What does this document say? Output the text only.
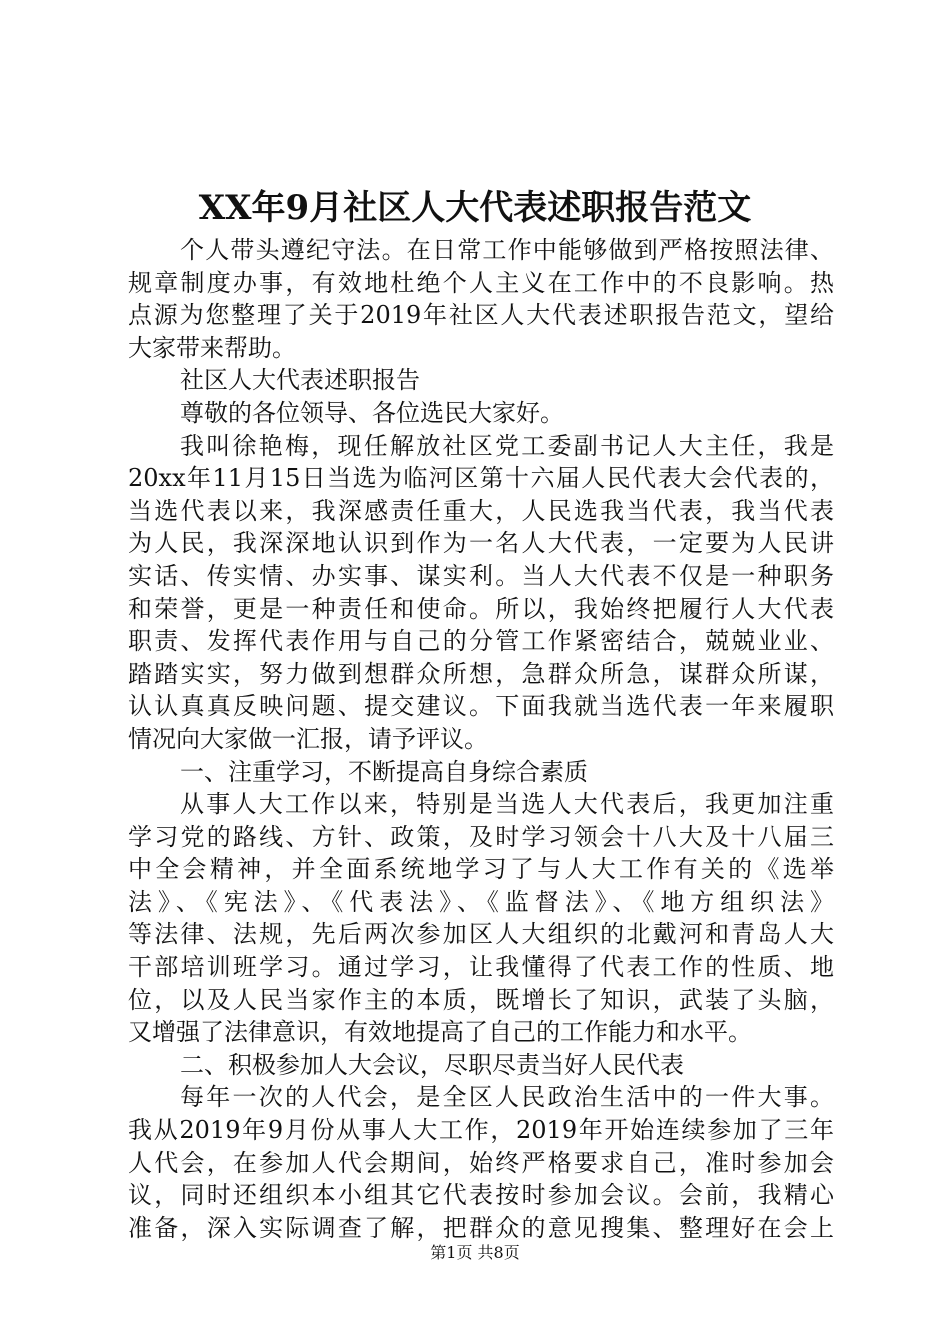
XX年9月社区人大代表述职报告范文
个人带头遵纪守法。在日常工作中能够做到严格按照法律、
规章制度办事，有效地杜绝个人主义在工作中的不良影响。热
点源为您整理了关于2019年社区人大代表述职报告范文，望给
大家带来帮助。
社区人大代表述职报告
尊敬的各位领导、各位选民大家好。
我叫徐艳梅，现任解放社区党工委副书记人大主任，我是
20xx年11月15日当选为临河区第十六届人民代表大会代表的，
当选代表以来，我深感责任重大，人民选我当代表，我当代表
为人民，我深深地认识到作为一名人大代表，一定要为人民讲
实话、传实情、办实事、谋实利。当人大代表不仅是一种职务
和荣誉，更是一种责任和使命。所以，我始终把履行人大代表
职责、发挥代表作用与自己的分管工作紧密结合，兢兢业业、
踏踏实实，努力做到想群众所想，急群众所急，谋群众所谋，
认认真真反映问题、提交建议。下面我就当选代表一年来履职
情况向大家做一汇报，请予评议。
一、注重学习，不断提高自身综合素质
从事人大工作以来，特别是当选人大代表后，我更加注重
学习党的路线、方针、政策，及时学习领会十八大及十八届三
中全会精神，并全面系统地学习了与人大工作有关的《选举
法》、《宪法》、《代表法》、《监督法》、《地方组织法》
等法律、法规，先后两次参加区人大组织的北戴河和青岛人大
干部培训班学习。通过学习，让我懂得了代表工作的性质、地
位，以及人民当家作主的本质，既增长了知识，武装了头脑，
又增强了法律意识，有效地提高了自己的工作能力和水平。
二、积极参加人大会议，尽职尽责当好人民代表
每年一次的人代会，是全区人民政治生活中的一件大事。
我从2019年9月份从事人大工作，2019年开始连续参加了三年
人代会，在参加人代会期间，始终严格要求自己，准时参加会
议，同时还组织本小组其它代表按时参加会议。会前，我精心
准备，深入实际调查了解，把群众的意见搜集、整理好在会上
第1页 共8页
